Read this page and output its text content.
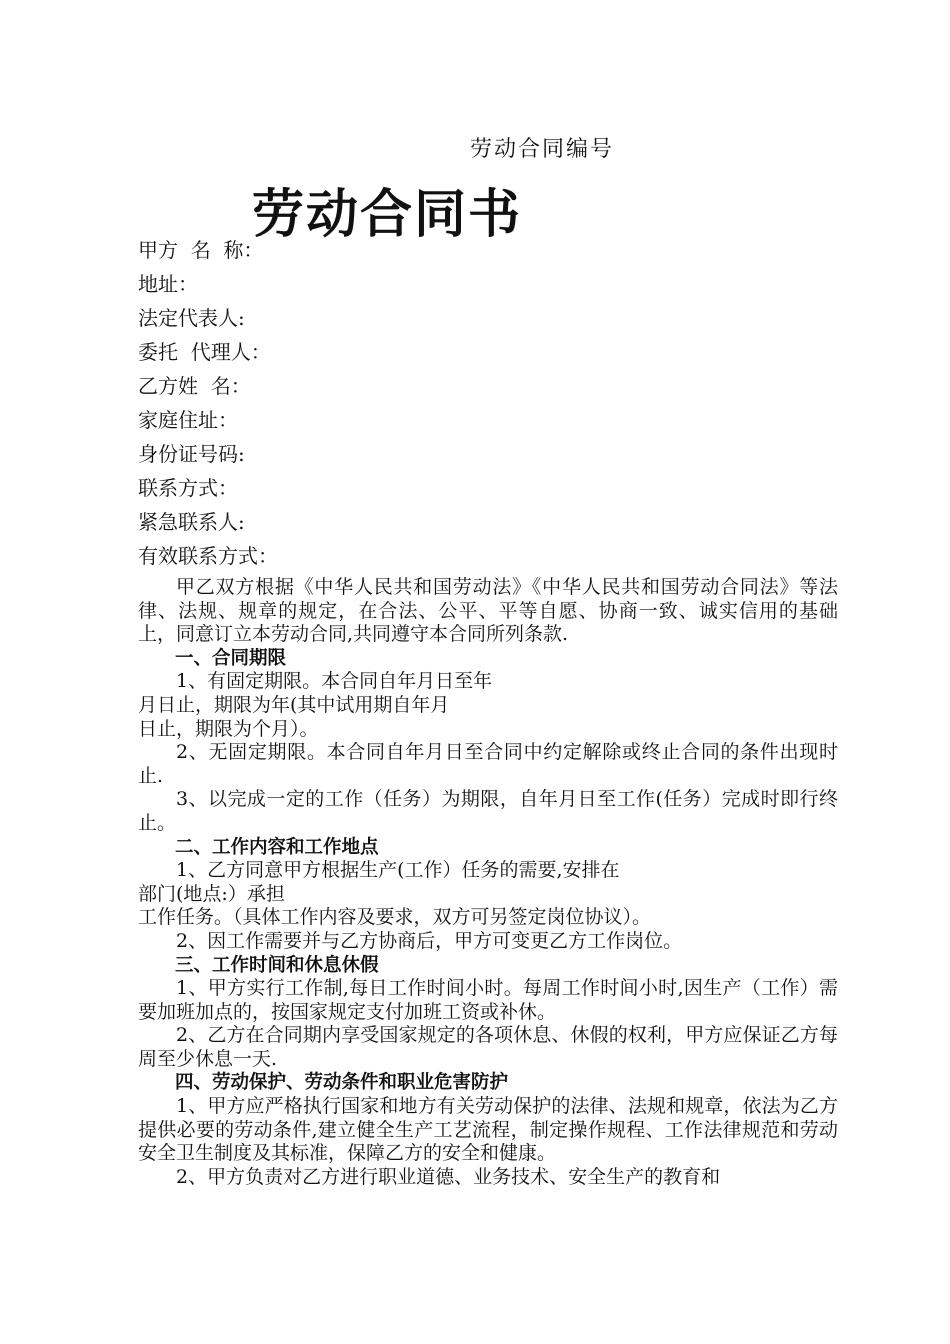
劳动合同编号
劳动合同书
甲方  名  称：
地址：
法定代表人:
委托  代理人：
乙方姓  名：
家庭住址：
身份证号码:
联系方式：
紧急联系人:
有效联系方式：

甲乙双方根据《中华人民共和国劳动法》《中华人民共和国劳动合同法》等法律、法规、规章的规定，在合法、公平、平等自愿、协商一致、诚实信用的基础上，同意订立本劳动合同,共同遵守本合同所列条款.

一、合同期限

1、有固定期限。本合同自年月日至年

月日止，期限为年(其中试用期自年月

日止，期限为个月）。

2、无固定期限。本合同自年月日至合同中约定解除或终止合同的条件出现时止.

3、以完成一定的工作（任务）为期限，自年月日至工作(任务）完成时即行终止。

二、工作内容和工作地点

1、乙方同意甲方根据生产(工作）任务的需要,安排在

部门(地点:）承担

工作任务。（具体工作内容及要求，双方可另签定岗位协议）。

2、因工作需要并与乙方协商后，甲方可变更乙方工作岗位。

三、工作时间和休息休假

1、甲方实行工作制,每日工作时间小时。每周工作时间小时,因生产（工作）需要加班加点的，按国家规定支付加班工资或补休。

2、乙方在合同期内享受国家规定的各项休息、休假的权利，甲方应保证乙方每周至少休息一天.

四、劳动保护、劳动条件和职业危害防护

1、甲方应严格执行国家和地方有关劳动保护的法律、法规和规章，依法为乙方提供必要的劳动条件,建立健全生产工艺流程，制定操作规程、工作法律规范和劳动安全卫生制度及其标准，保障乙方的安全和健康。

2、甲方负责对乙方进行职业道德、业务技术、安全生产的教育和
